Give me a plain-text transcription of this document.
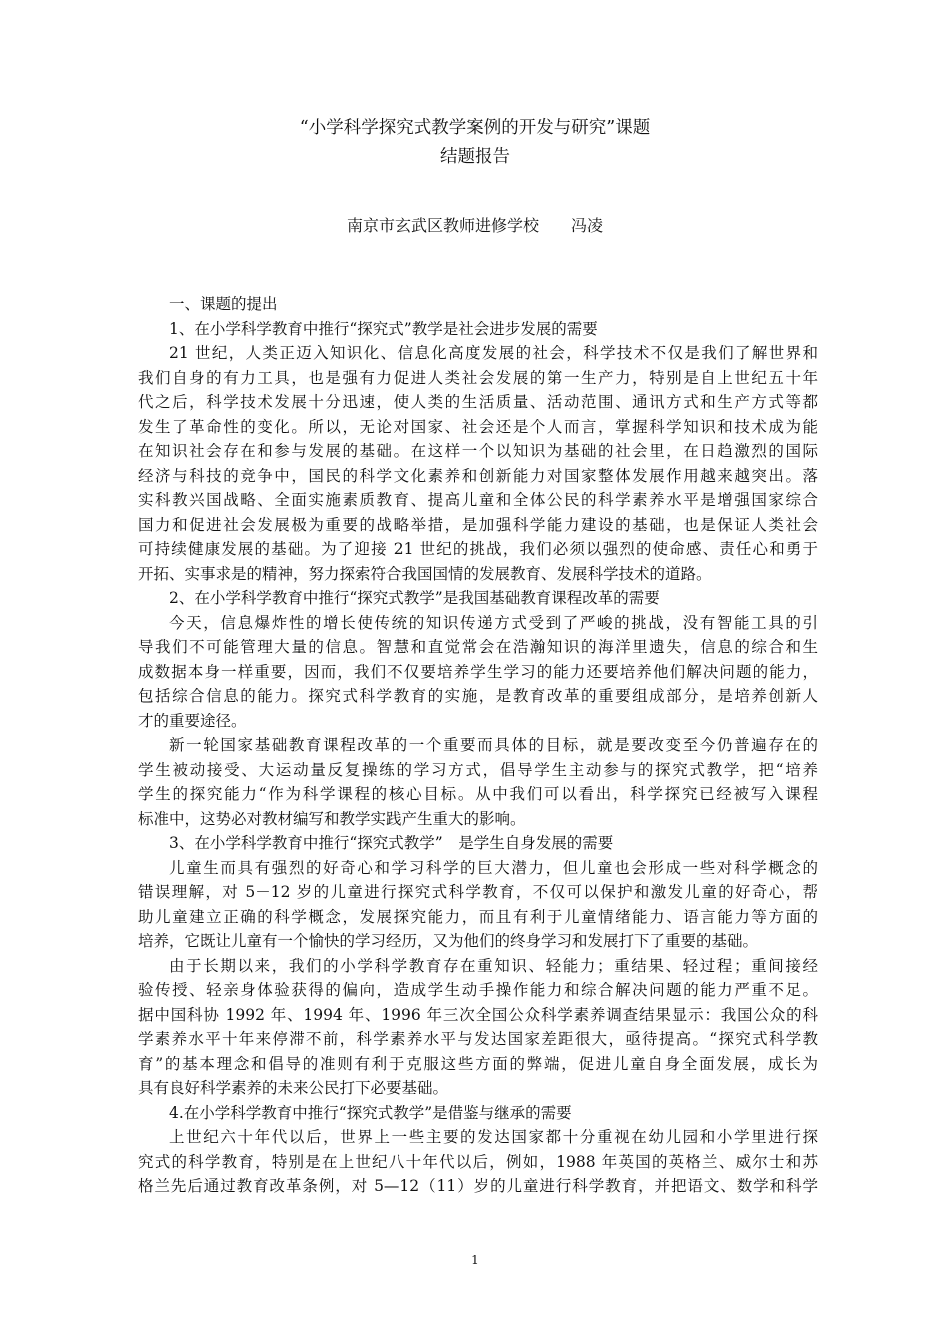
“小学科学探究式教学案例的开发与研究”课题
结题报告
南京市玄武区教师进修学校　　冯凌
一、课题的提出
1、在小学科学教育中推行“探究式”教学是社会进步发展的需要
21 世纪，人类正迈入知识化、信息化高度发展的社会，科学技术不仅是我们了解世界和
我们自身的有力工具，也是强有力促进人类社会发展的第一生产力，特别是自上世纪五十年
代之后，科学技术发展十分迅速，使人类的生活质量、活动范围、通讯方式和生产方式等都
发生了革命性的变化。所以，无论对国家、社会还是个人而言，掌握科学知识和技术成为能
在知识社会存在和参与发展的基础。在这样一个以知识为基础的社会里，在日趋激烈的国际
经济与科技的竞争中，国民的科学文化素养和创新能力对国家整体发展作用越来越突出。落
实科教兴国战略、全面实施素质教育、提高儿童和全体公民的科学素养水平是增强国家综合
国力和促进社会发展极为重要的战略举措，是加强科学能力建设的基础，也是保证人类社会
可持续健康发展的基础。为了迎接 21 世纪的挑战，我们必须以强烈的使命感、责任心和勇于
开拓、实事求是的精神，努力探索符合我国国情的发展教育、发展科学技术的道路。
2、在小学科学教育中推行“探究式教学”是我国基础教育课程改革的需要
今天，信息爆炸性的增长使传统的知识传递方式受到了严峻的挑战，没有智能工具的引
导我们不可能管理大量的信息。智慧和直觉常会在浩瀚知识的海洋里遗失，信息的综合和生
成数据本身一样重要，因而，我们不仅要培养学生学习的能力还要培养他们解决问题的能力，
包括综合信息的能力。探究式科学教育的实施，是教育改革的重要组成部分，是培养创新人
才的重要途径。
新一轮国家基础教育课程改革的一个重要而具体的目标，就是要改变至今仍普遍存在的
学生被动接受、大运动量反复操练的学习方式，倡导学生主动参与的探究式教学，把“培养
学生的探究能力“作为科学课程的核心目标。从中我们可以看出，科学探究已经被写入课程
标准中，这势必对教材编写和教学实践产生重大的影响。
3、在小学科学教育中推行“探究式教学”　是学生自身发展的需要
儿童生而具有强烈的好奇心和学习科学的巨大潜力，但儿童也会形成一些对科学概念的
错误理解，对 5－12 岁的儿童进行探究式科学教育，不仅可以保护和激发儿童的好奇心，帮
助儿童建立正确的科学概念，发展探究能力，而且有利于儿童情绪能力、语言能力等方面的
培养，它既让儿童有一个愉快的学习经历，又为他们的终身学习和发展打下了重要的基础。
由于长期以来，我们的小学科学教育存在重知识、轻能力；重结果、轻过程；重间接经
验传授、轻亲身体验获得的偏向，造成学生动手操作能力和综合解决问题的能力严重不足。
据中国科协 1992 年、1994 年、1996 年三次全国公众科学素养调查结果显示：我国公众的科
学素养水平十年来停滞不前，科学素养水平与发达国家差距很大，亟待提高。“探究式科学教
育”的基本理念和倡导的准则有利于克服这些方面的弊端，促进儿童自身全面发展，成长为
具有良好科学素养的未来公民打下必要基础。
4.在小学科学教育中推行“探究式教学”是借鉴与继承的需要
上世纪六十年代以后，世界上一些主要的发达国家都十分重视在幼儿园和小学里进行探
究式的科学教育，特别是在上世纪八十年代以后，例如，1988 年英国的英格兰、威尔士和苏
格兰先后通过教育改革条例，对 5—12（11）岁的儿童进行科学教育，并把语文、数学和科学
1
